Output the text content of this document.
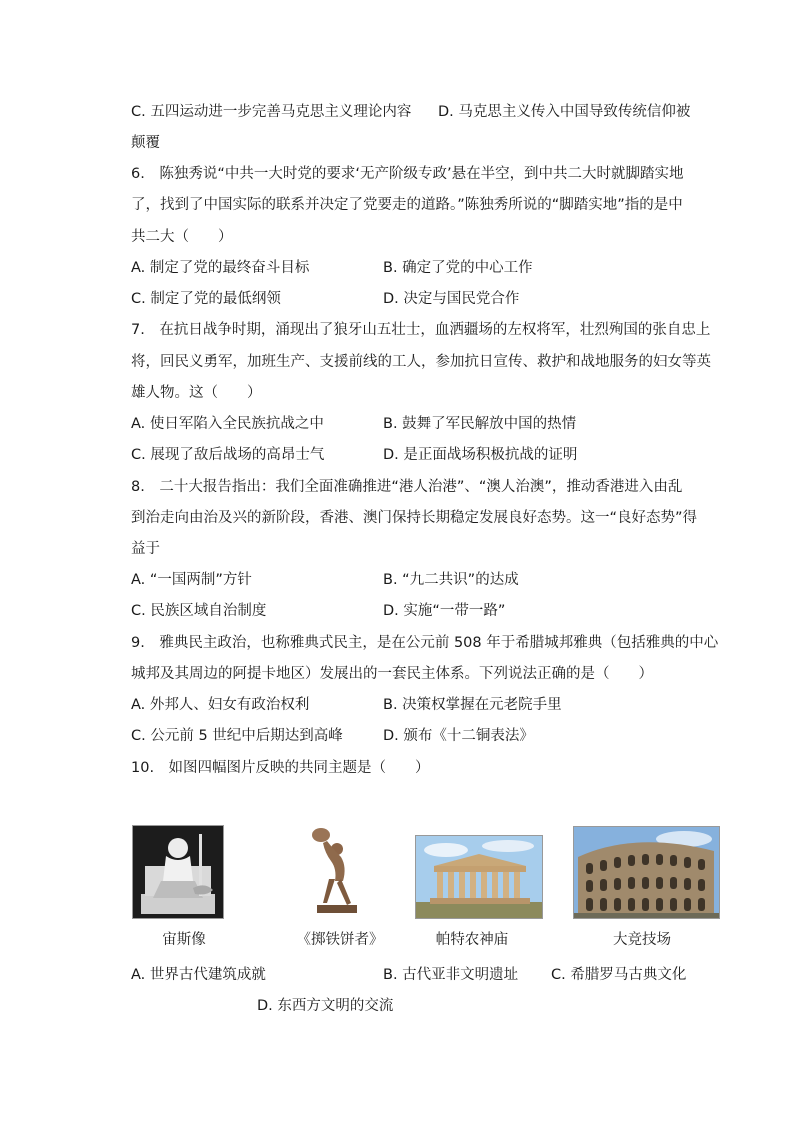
C. 五四运动进一步完善马克思主义理论内容 D. 马克思主义传入中国导致传统信仰被
颠覆
6.　陈独秀说“中共一大时党的要求‘无产阶级专政’悬在半空，到中共二大时就脚踏实地
了，找到了中国实际的联系并决定了党要走的道路。”陈独秀所说的“脚踏实地”指的是中
共二大（　　）
A. 制定了党的最终奋斗目标	B. 确定了党的中心工作
C. 制定了党的最低纲领	D. 决定与国民党合作
7.　在抗日战争时期，涌现出了狼牙山五壮士，血洒疆场的左权将军，壮烈殉国的张自忠上
将，回民义勇军，加班生产、支援前线的工人，参加抗日宣传、救护和战地服务的妇女等英
雄人物。这（　　）
A. 使日军陷入全民族抗战之中	B. 鼓舞了军民解放中国的热情
C. 展现了敌后战场的高昂士气	D. 是正面战场积极抗战的证明
8.　二十大报告指出：我们全面准确推进“港人治港”、“澳人治澳”，推动香港进入由乱
到治走向由治及兴的新阶段，香港、澳门保持长期稳定发展良好态势。这一“良好态势”得
益于
A. “一国两制”方针	B. “九二共识”的达成
C. 民族区域自治制度	D. 实施“一带一路”
9.　雅典民主政治，也称雅典式民主，是在公元前 508 年于希腊城邦雅典（包括雅典的中心
城邦及其周边的阿提卡地区）发展出的一套民主体系。下列说法正确的是（　　）
A. 外邦人、妇女有政治权利	B. 决策权掌握在元老院手里
C. 公元前 5 世纪中后期达到高峰	D. 颁布《十二铜表法》
10.　如图四幅图片反映的共同主题是（　　）
宙斯像	《掷铁饼者》	帕特农神庙	大竞技场
A. 世界古代建筑成就	B. 古代亚非文明遗址 C. 希腊罗马古典文化
D. 东西方文明的交流
